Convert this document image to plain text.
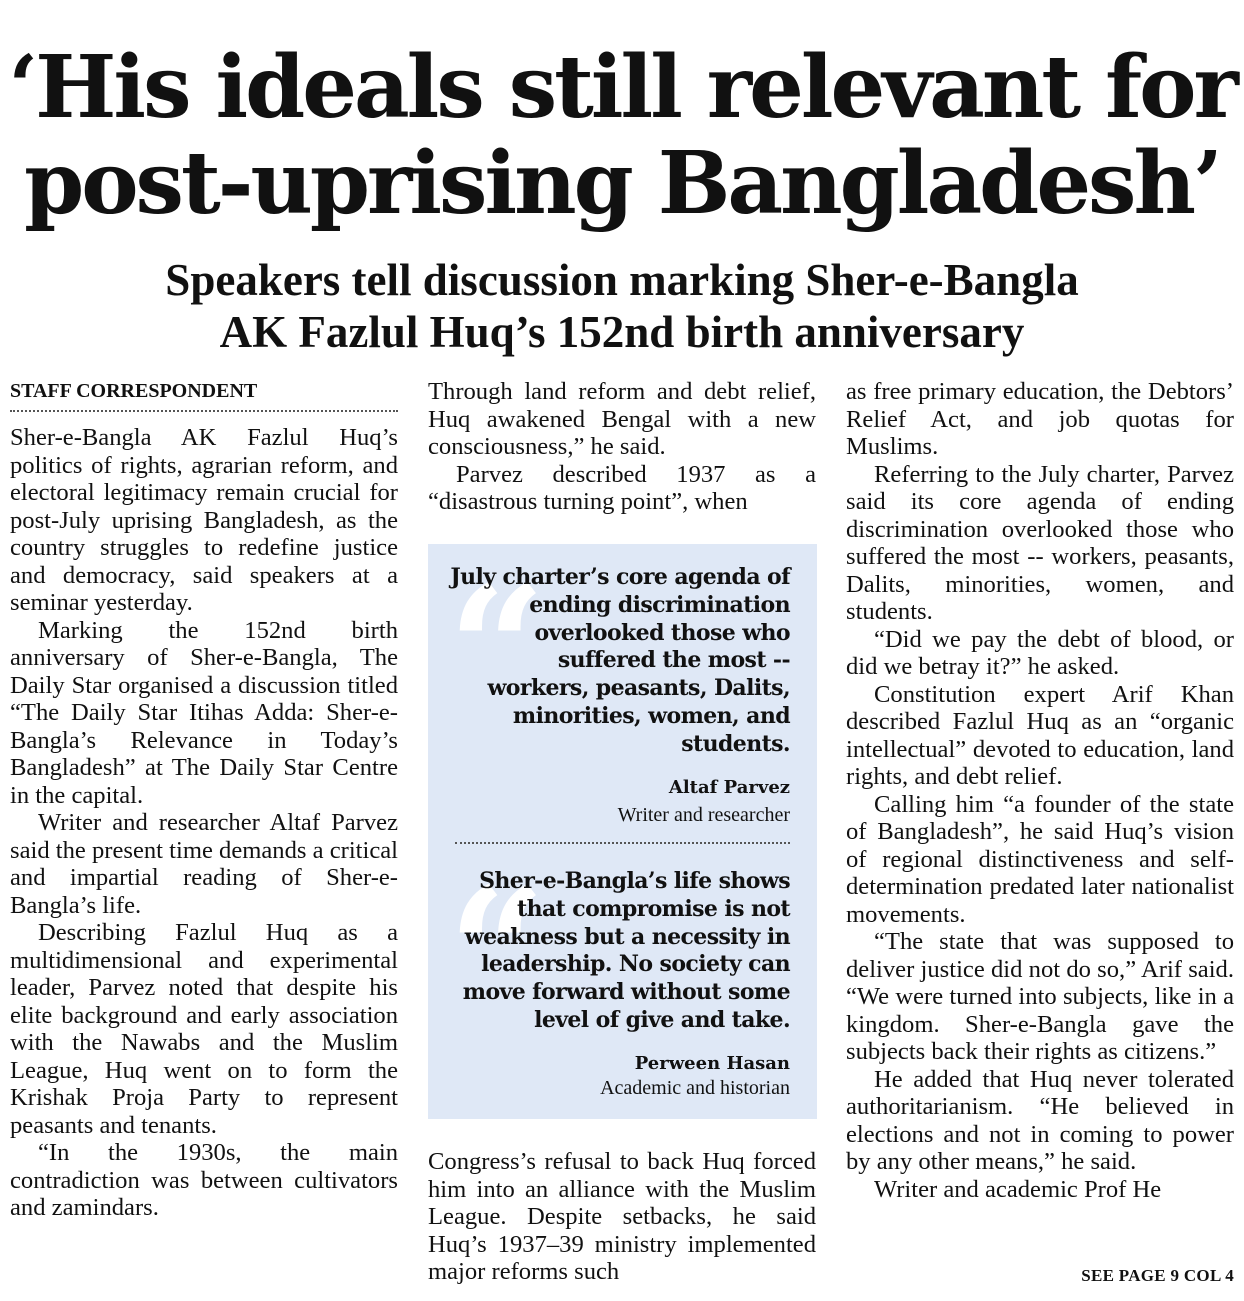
‘His ideals still relevant for
post-uprising Bangladesh’
Speakers tell discussion marking Sher-e-Bangla
AK Fazlul Huq’s 152nd birth anniversary
STAFF CORRESPONDENT

Sher-e-Bangla AK Fazlul Huq’s politics of rights, agrarian reform, and electoral legitimacy remain crucial for post-July uprising Bangladesh, as the country struggles to redefine justice and democracy, said speakers at a seminar yesterday.

Marking the 152nd birth anniversary of Sher-e-Bangla, The Daily Star organised a discussion titled “The Daily Star Itihas Adda: Sher-e-Bangla’s Relevance in Today’s Bangladesh” at The Daily Star Centre in the capital.

Writer and researcher Altaf Parvez said the present time demands a critical and impartial reading of Sher-e-Bangla’s life.

Describing Fazlul Huq as a multidimensional and experimental leader, Parvez noted that despite his elite background and early association with the Nawabs and the Muslim League, Huq went on to form the Krishak Proja Party to represent peasants and tenants.

“In the 1930s, the main contradiction was between cultivators and zamindars.

Through land reform and debt relief, Huq awakened Bengal with a new consciousness,” he said.

Parvez described 1937 as a “disastrous turning point”, when

“
July charter’s core agenda of ending discrimination overlooked those who suffered the most -- workers, peasants, Dalits, minorities, women, and students.
Altaf Parvez
Writer and researcher
“
Sher-e-Bangla’s life shows that compromise is not weakness but a necessity in leadership. No society can move forward without some level of give and take.
Perween Hasan
Academic and historian

Congress’s refusal to back Huq forced him into an alliance with the Muslim League. Despite setbacks, he said Huq’s 1937–39 ministry implemented major reforms such

as free primary education, the Debtors’ Relief Act, and job quotas for Muslims.

Referring to the July charter, Parvez said its core agenda of ending discrimination overlooked those who suffered the most -- workers, peasants, Dalits, minorities, women, and students.

“Did we pay the debt of blood, or did we betray it?” he asked.

Constitution expert Arif Khan described Fazlul Huq as an “organic intellectual” devoted to education, land rights, and debt relief.

Calling him “a founder of the state of Bangladesh”, he said Huq’s vision of regional distinctiveness and self-determination predated later nationalist movements.

“The state that was supposed to deliver justice did not do so,” Arif said. “We were turned into subjects, like in a kingdom. Sher-e-Bangla gave the subjects back their rights as citizens.”

He added that Huq never tolerated authoritarianism. “He believed in elections and not in coming to power by any other means,” he said.

Writer and academic Prof He

SEE PAGE 9 COL 4
